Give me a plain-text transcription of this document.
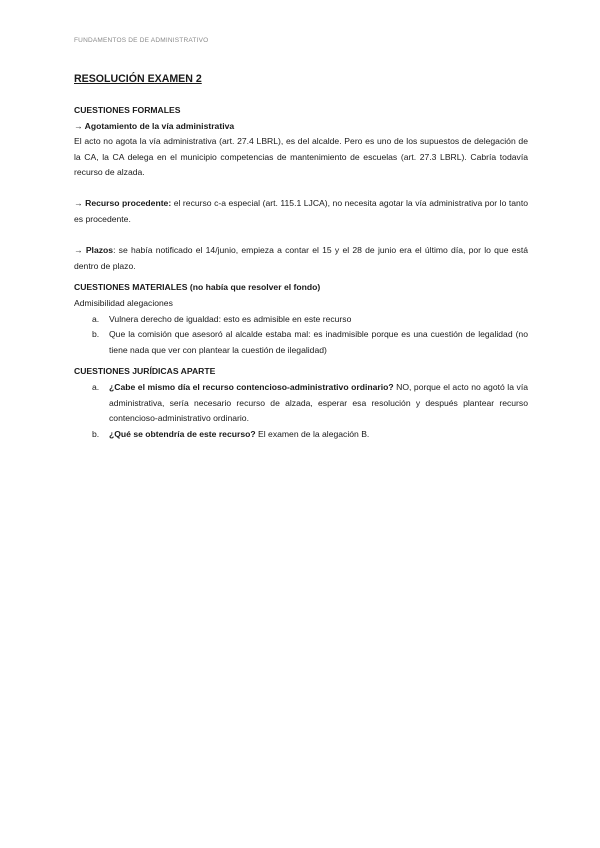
FUNDAMENTOS DE DE ADMINISTRATIVO
RESOLUCIÓN EXAMEN 2
CUESTIONES FORMALES
→ Agotamiento de la vía administrativa

El acto no agota la vía administrativa (art. 27.4 LBRL), es del alcalde. Pero es uno de los supuestos de delegación de la CA, la CA delega en el municipio competencias de mantenimiento de escuelas (art. 27.3 LBRL). Cabría todavía recurso de alzada.

→ Recurso procedente: el recurso c-a especial (art. 115.1 LJCA), no necesita agotar la vía administrativa por lo tanto es procedente.

→ Plazos: se había notificado el 14/junio, empieza a contar el 15 y el 28 de junio era el último día, por lo que está dentro de plazo.

CUESTIONES MATERIALES (no había que resolver el fondo)

Admisibilidad alegaciones

a. Vulnera derecho de igualdad: esto es admisible en este recurso
b. Que la comisión que asesoró al alcalde estaba mal: es inadmisible porque es una cuestión de legalidad (no tiene nada que ver con plantear la cuestión de ilegalidad)
CUESTIONES JURÍDICAS APARTE
a. ¿Cabe el mismo día el recurso contencioso-administrativo ordinario? NO, porque el acto no agotó la vía administrativa, sería necesario recurso de alzada, esperar esa resolución y después plantear recurso contencioso-administrativo ordinario.
b. ¿Qué se obtendría de este recurso? El examen de la alegación B.
